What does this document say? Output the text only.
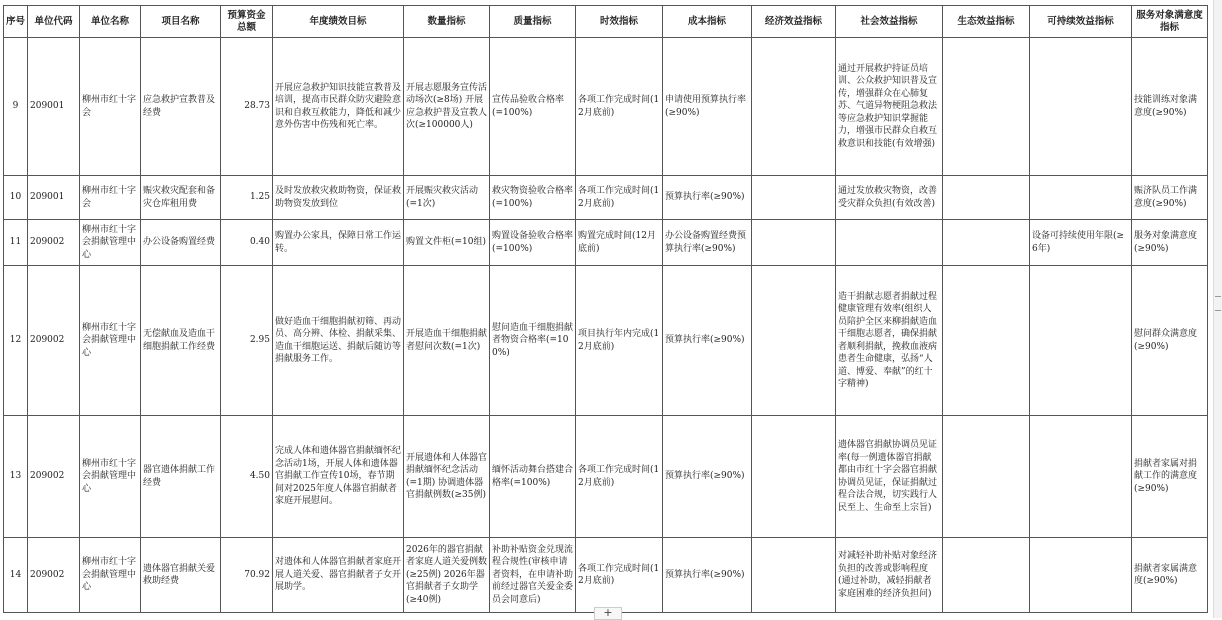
序号	单位代码	单位名称	项目名称	预算资金总额	年度绩效目标	数量指标	质量指标	时效指标	成本指标	经济效益指标	社会效益指标	生态效益指标	可持续效益指标	服务对象满意度指标
9	209001	柳州市红十字会	应急救护宣教普及经费	28.73	开展应急救护知识技能宣教普及培训，提高市民群众防灾避险意识和自救互救能力，降低和减少意外伤害中伤残和死亡率。	开展志愿服务宣传活动场次(≥8场) 开展应急救护普及宣教人次(≥100000人)	宣传品验收合格率(=100%)	各项工作完成时间(12月底前)	申请使用预算执行率(≥90%)		通过开展救护持证员培训、公众救护知识普及宣传，增强群众在心肺复苏、气道异物梗阻急救法等应急救护知识掌握能力，增强市民群众自救互救意识和技能(有效增强)			技能训练对象满意度(≥90%)
10	209001	柳州市红十字会	赈灾救灾配套和备灾仓库租用费	1.25	及时发放救灾救助物资，保证救助物资发放到位	开展赈灾救灾活动(=1次)	救灾物资验收合格率(=100%)	各项工作完成时间(12月底前)	预算执行率(≥90%)		通过发放救灾物资，改善受灾群众负担(有效改善)			赈济队员工作满意度(≥90%)
11	209002	柳州市红十字会捐献管理中心	办公设备购置经费	0.40	购置办公家具，保障日常工作运转。	购置文件柜(=10组)	购置设备验收合格率(=100%)	购置完成时间(12月底前)	办公设备购置经费预算执行率(≥90%)				设备可持续使用年限(≥6年)	服务对象满意度(≥90%)
12	209002	柳州市红十字会捐献管理中心	无偿献血及造血干细胞捐献工作经费	2.95	做好造血干细胞捐献初筛、再动员、高分辨、体检、捐献采集、造血干细胞运送、捐献后随访等捐献服务工作。	开展造血干细胞捐献者慰问次数(=1次)	慰问造血干细胞捐献者物资合格率(=100%)	项目执行年内完成(12月底前)	预算执行率(≥90%)		造干捐献志愿者捐献过程健康管理有效率(组织人员陪护全区来柳捐献造血干细胞志愿者，确保捐献者顺利捐献，挽救血液病患者生命健康，弘扬“人道、博爱、奉献”的红十字精神)			慰问群众满意度(≥90%)
13	209002	柳州市红十字会捐献管理中心	器官遗体捐献工作经费	4.50	完成人体和遗体器官捐献缅怀纪念活动1场，开展人体和遗体器官捐献工作宣传10场，春节期间对2025年度人体器官捐献者家庭开展慰问。	开展遗体和人体器官捐献缅怀纪念活动(=1期) 协调遗体器官捐献例数(≥35例)	缅怀活动舞台搭建合格率(=100%)	各项工作完成时间(12月底前)	预算执行率(≥90%)		遗体器官捐献协调员见证率(每一例遗体器官捐献都由市红十字会器官捐献协调员见证，保证捐献过程合法合规，切实践行人民至上、生命至上宗旨)			捐献者家属对捐献工作的满意度(≥90%)
14	209002	柳州市红十字会捐献管理中心	遗体器官捐献关爱救助经费	70.92	对遗体和人体器官捐献者家庭开展人道关爱、器官捐献者子女开展助学。	2026年的器官捐献者家庭人道关爱例数(≥25例) 2026年器官捐献者子女助学(≥40例)	补助补贴资金兑现流程合规性(审核申请者资料，在申请补助前经过器官关爱金委员会同意后)	各项工作完成时间(12月底前)	预算执行率(≥90%)		对减轻补助补贴对象经济负担的改善或影响程度(通过补助，减轻捐献者家庭困难的经济负担问)			捐献者家属满意度(≥90%)
+
